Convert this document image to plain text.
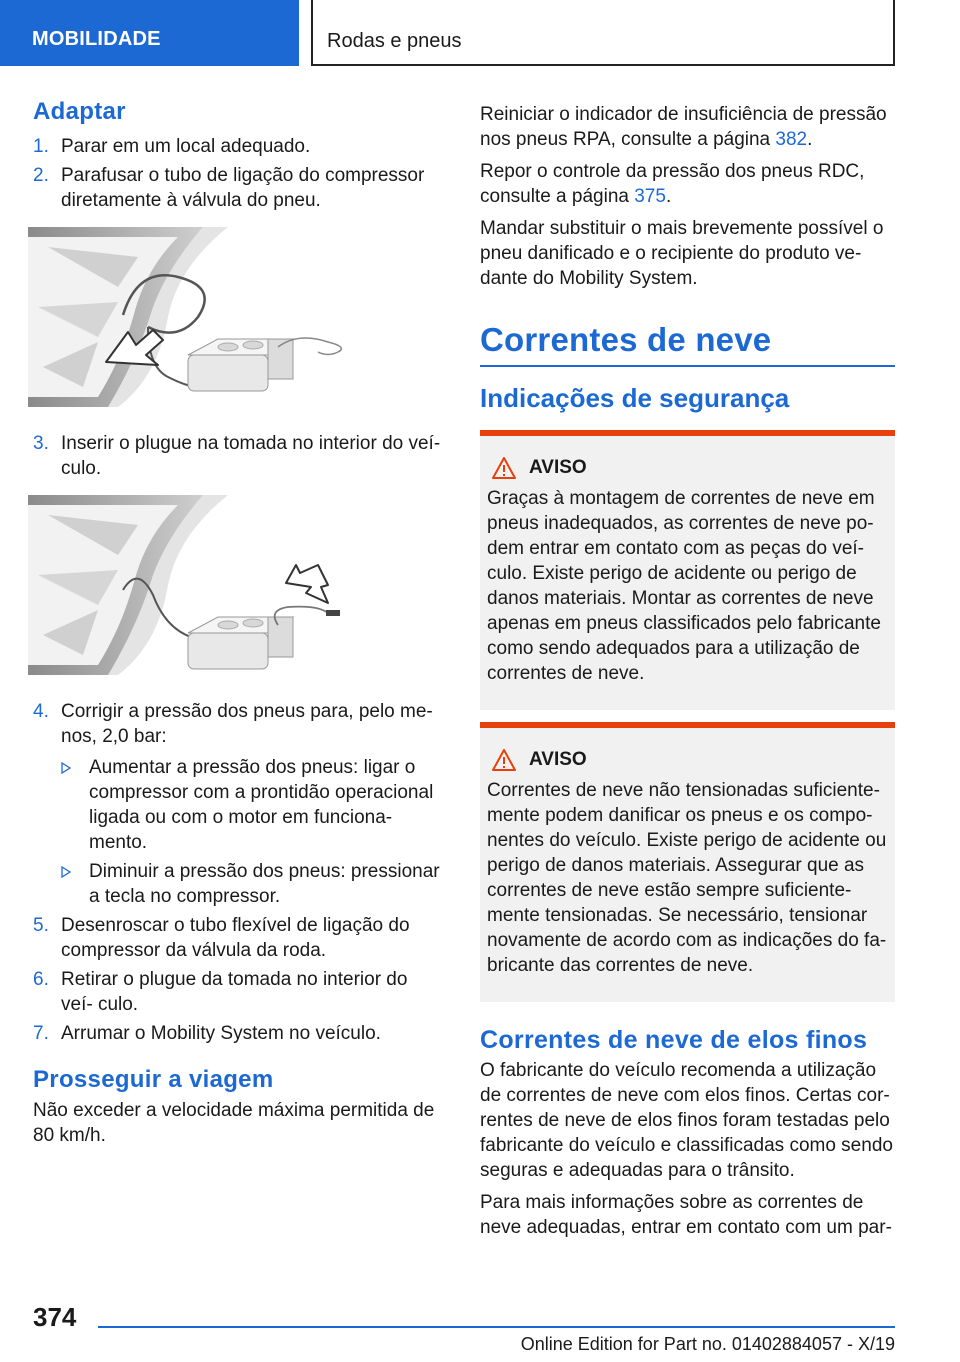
MOBILIDADE	Rodas e pneus
Adaptar
1. Parar em um local adequado.
2. Parafusar o tubo de ligação do compressor diretamente à válvula do pneu.
3. Inserir o plugue na tomada no interior do veí- culo.
4. Corrigir a pressão dos pneus para, pelo me- nos, 2,0 bar:
Aumentar a pressão dos pneus: ligar o compressor com a prontidão operacional ligada ou com o motor em funciona- mento.
Diminuir a pressão dos pneus: pressionar a tecla no compressor.
5. Desenroscar o tubo flexível de ligação do compressor da válvula da roda.
6. Retirar o plugue da tomada no interior do veí- culo.
7. Arrumar o Mobility System no veículo.
Prosseguir a viagem

Não exceder a velocidade máxima permitida de 80 km/h.

Reiniciar o indicador de insuficiência de pressão nos pneus RPA, consulte a página 382.

Repor o controle da pressão dos pneus RDC, consulte a página 375.

Mandar substituir o mais brevemente possível o pneu danificado e o recipiente do produto ve- dante do Mobility System.

Correntes de neve
Indicações de segurança
AVISO

Graças à montagem de correntes de neve em pneus inadequados, as correntes de neve po- dem entrar em contato com as peças do veí- culo. Existe perigo de acidente ou perigo de danos materiais. Montar as correntes de neve apenas em pneus classificados pelo fabricante como sendo adequados para a utilização de correntes de neve.

AVISO

Correntes de neve não tensionadas suficiente- mente podem danificar os pneus e os compo- nentes do veículo. Existe perigo de acidente ou perigo de danos materiais. Assegurar que as correntes de neve estão sempre suficiente- mente tensionadas. Se necessário, tensionar novamente de acordo com as indicações do fa- bricante das correntes de neve.

Correntes de neve de elos finos

O fabricante do veículo recomenda a utilização de correntes de neve com elos finos. Certas cor- rentes de neve de elos finos foram testadas pelo fabricante do veículo e classificadas como sendo seguras e adequadas para o trânsito.

Para mais informações sobre as correntes de neve adequadas, entrar em contato com um par-

374
Online Edition for Part no. 01402884057 - X/19
